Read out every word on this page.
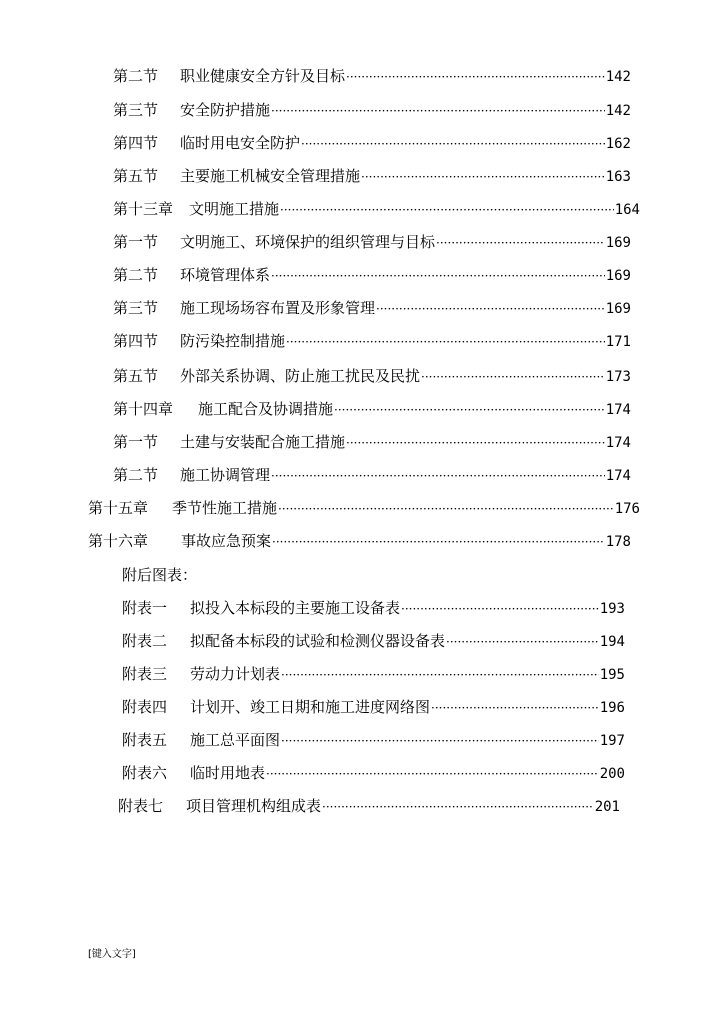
第二节	职业健康安全方针及目标 ·····	142
第三节	安全防护措施 ·····	142
第四节	临时用电安全防护 ·····	162
第五节	主要施工机械安全管理措施 ·····	163
第十三章	文明施工措施 ·····	164
第一节	文明施工、环境保护的组织管理与目标 ·····	169
第二节	环境管理体系 ·····	169
第三节	施工现场场容布置及形象管理 ·····	169
第四节	防污染控制措施 ·····	171
第五节	外部关系协调、防止施工扰民及民扰 ·····	173
第十四章	施工配合及协调措施 ·····	174
第一节	土建与安装配合施工措施 ·····	174
第二节	施工协调管理 ·····	174
第十五章	季节性施工措施 ·····	176
第十六章	事故应急预案 ·····	178
附后图表：
附表一	拟投入本标段的主要施工设备表 ·····	193
附表二	拟配备本标段的试验和检测仪器设备表 ·····	194
附表三	劳动力计划表 ·····	195
附表四	计划开、竣工日期和施工进度网络图 ·····	196
附表五	施工总平面图 ·····	197
附表六	临时用地表 ·····	200
附表七	项目管理机构组成表 ·····	201
[键入文字]
